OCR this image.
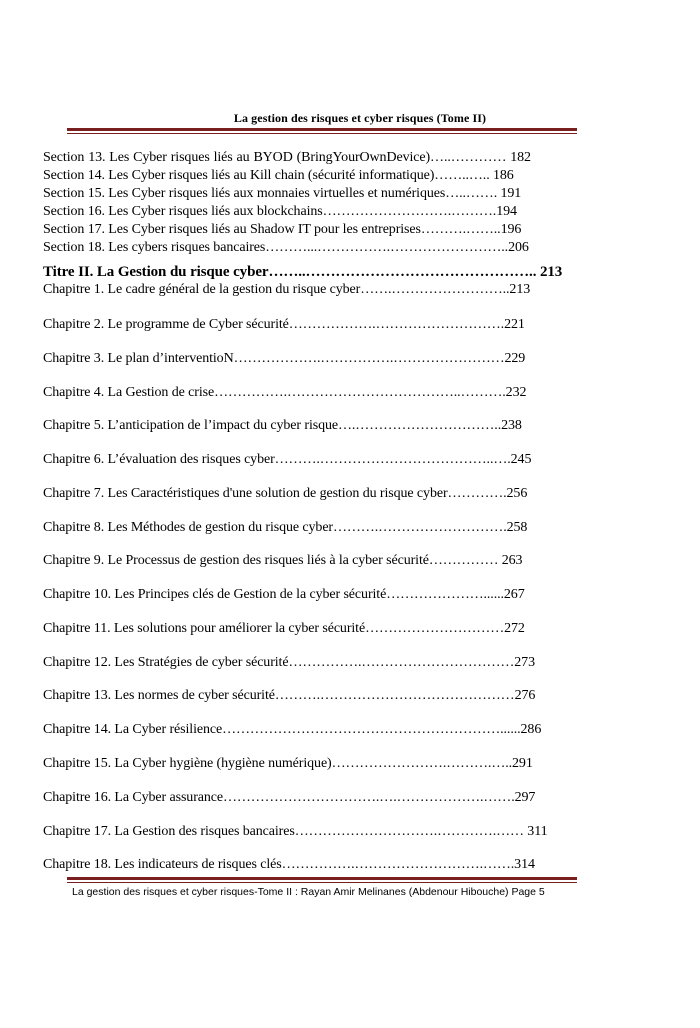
La gestion des risques et cyber risques (Tome II)
Section 13. Les Cyber risques liés au BYOD (BringYourOwnDevice)…..………… 182
Section 14. Les Cyber risques liés au Kill chain (sécurité informatique)……..….. 186
Section 15. Les Cyber risques liés aux monnaies virtuelles et numériques…..……. 191
Section 16. Les Cyber risques liés aux blockchains……………………….……….194
Section 17. Les Cyber risques liés au Shadow IT pour les entreprises……….……..196
Section 18. Les cybers risques bancaires………...…………….……………………..206
Titre II. La Gestion du risque cyber……..……………………………………….. 213
Chapitre 1. Le cadre général de la gestion du risque cyber…….……………………..213
Chapitre 2. Le programme de Cyber sécurité……………….……………………….221
Chapitre 3. Le plan d’interventioN……………….…………….……………………229
Chapitre 4. La Gestion de crise…………….………………………………..……….232
Chapitre 5. L’anticipation de l’impact du cyber risque….…………………………..238
Chapitre 6. L’évaluation des risques cyber……….………………………………..….245
Chapitre 7. Les Caractéristiques d'une solution de gestion du risque cyber………….256
Chapitre 8. Les Méthodes de gestion du risque cyber……….……………………….258
Chapitre 9. Le Processus de gestion des risques liés à la cyber sécurité…………… 263
Chapitre 10. Les Principes clés de Gestion de la cyber sécurité…………………......267
Chapitre 11. Les solutions pour améliorer la cyber sécurité…………………………272
Chapitre 12. Les Stratégies de cyber sécurité…………….……………………………273
Chapitre 13. Les normes de cyber sécurité……….……………………………………276
Chapitre 14. La Cyber résilience……………………………………………………......286
Chapitre 15. La Cyber hygiène (hygiène numérique)…………………….……….…..291
Chapitre 16. La Cyber assurance…………………………….….……………….…….297
Chapitre 17. La Gestion des risques bancaires………………………….………….…… 311
Chapitre 18. Les indicateurs de risques clés…………….……………………….…….314
La gestion des risques et cyber risques-Tome II : Rayan Amir Melinanes (Abdenour Hibouche) Page 5
